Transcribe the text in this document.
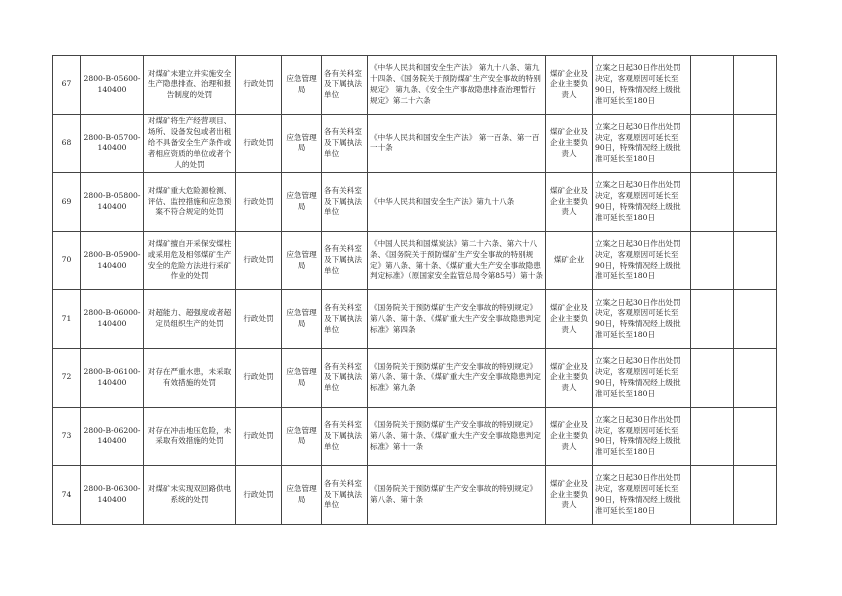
67	2800-B-05600-140400	对煤矿未建立并实施安全生产隐患排查、治理和报告制度的处罚	行政处罚	应急管理局	各有关科室及下属执法单位	《中华人民共和国安全生产法》 第九十八条、第九十四条、《国务院关于预防煤矿生产安全事故的特别规定》 第九条、《安全生产事故隐患排查治理暂行规定》第二十六条	煤矿企业及企业主要负责人	立案之日起30日作出处罚决定，客观原因可延长至90日，特殊情况经上级批准可延长至180日		
68	2800-B-05700-140400	对煤矿将生产经营项目、场所、设备发包或者出租给不具备安全生产条件或者相应资质的单位或者个人的处罚	行政处罚	应急管理局	各有关科室及下属执法单位	《中华人民共和国安全生产法》 第一百条、第一百一十条	煤矿企业及企业主要负责人	立案之日起30日作出处罚决定，客观原因可延长至90日，特殊情况经上级批准可延长至180日		
69	2800-B-05800-140400	对煤矿重大危险源检测、评估、监控措施和应急预案不符合规定的处罚	行政处罚	应急管理局	各有关科室及下属执法单位	《中华人民共和国安全生产法》第九十八条	煤矿企业及企业主要负责人	立案之日起30日作出处罚决定，客观原因可延长至90日，特殊情况经上级批准可延长至180日		
70	2800-B-05900-140400	对煤矿擅自开采保安煤柱或采用危及相邻煤矿生产安全的危险方法进行采矿作业的处罚	行政处罚	应急管理局	各有关科室及下属执法单位	《中国人民共和国煤炭法》第二十六条、第六十八条、《国务院关于预防煤矿生产安全事故的特别规定》第八条、第十条、《煤矿重大生产安全事故隐患判定标准》（原国家安全监管总局令第85号）第十条	煤矿企业	立案之日起30日作出处罚决定，客观原因可延长至90日，特殊情况经上级批准可延长至180日		
71	2800-B-06000-140400	对超能力、超强度或者超定员组织生产的处罚	行政处罚	应急管理局	各有关科室及下属执法单位	《国务院关于预防煤矿生产安全事故的特别规定》第八条、第十条、《煤矿重大生产安全事故隐患判定标准》第四条	煤矿企业及企业主要负责人	立案之日起30日作出处罚决定，客观原因可延长至90日，特殊情况经上级批准可延长至180日		
72	2800-B-06100-140400	对存在严重水患，未采取有效措施的处罚	行政处罚	应急管理局	各有关科室及下属执法单位	《国务院关于预防煤矿生产安全事故的特别规定》第八条、第十条、《煤矿重大生产安全事故隐患判定标准》第九条	煤矿企业及企业主要负责人	立案之日起30日作出处罚决定，客观原因可延长至90日，特殊情况经上级批准可延长至180日		
73	2800-B-06200-140400	对存在冲击地压危险，未采取有效措施的处罚	行政处罚	应急管理局	各有关科室及下属执法单位	《国务院关于预防煤矿生产安全事故的特别规定》第八条、第十条、《煤矿重大生产安全事故隐患判定标准》第十一条	煤矿企业及企业主要负责人	立案之日起30日作出处罚决定，客观原因可延长至90日，特殊情况经上级批准可延长至180日		
74	2800-B-06300-140400	对煤矿未实现双回路供电系统的处罚	行政处罚	应急管理局	各有关科室及下属执法单位	《国务院关于预防煤矿生产安全事故的特别规定》第八条、第十条	煤矿企业及企业主要负责人	立案之日起30日作出处罚决定，客观原因可延长至90日，特殊情况经上级批准可延长至180日		
